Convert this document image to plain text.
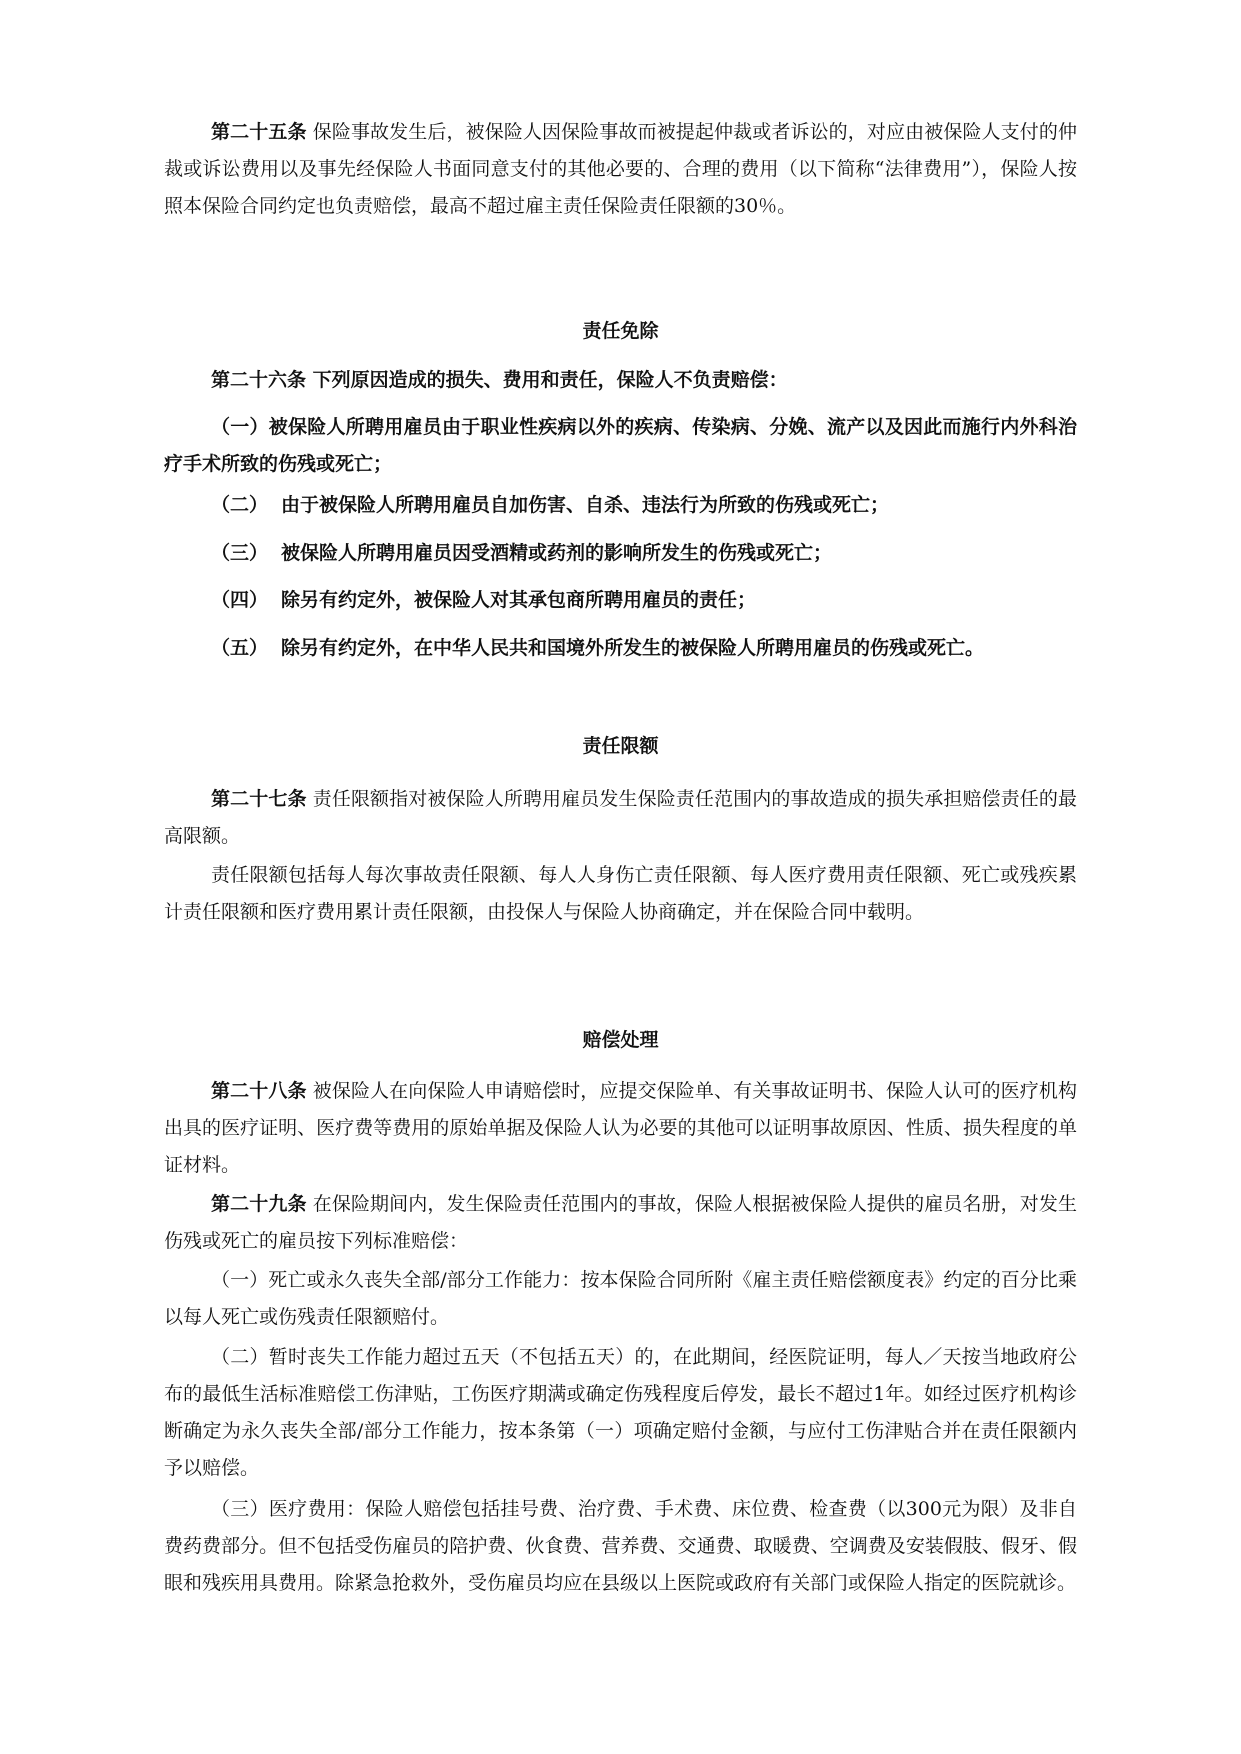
第二十五条 保险事故发生后，被保险人因保险事故而被提起仲裁或者诉讼的，对应由被保险人支付的仲裁或诉讼费用以及事先经保险人书面同意支付的其他必要的、合理的费用（以下简称“法律费用”），保险人按照本保险合同约定也负责赔偿，最高不超过雇主责任保险责任限额的30％。

责任免除

第二十六条 下列原因造成的损失、费用和责任，保险人不负责赔偿：

（一）被保险人所聘用雇员由于职业性疾病以外的疾病、传染病、分娩、流产以及因此而施行内外科治疗手术所致的伤残或死亡；

（二） 由于被保险人所聘用雇员自加伤害、自杀、违法行为所致的伤残或死亡；
（三） 被保险人所聘用雇员因受酒精或药剂的影响所发生的伤残或死亡；
（四） 除另有约定外，被保险人对其承包商所聘用雇员的责任；
（五） 除另有约定外，在中华人民共和国境外所发生的被保险人所聘用雇员的伤残或死亡。
责任限额

第二十七条 责任限额指对被保险人所聘用雇员发生保险责任范围内的事故造成的损失承担赔偿责任的最高限额。

责任限额包括每人每次事故责任限额、每人人身伤亡责任限额、每人医疗费用责任限额、死亡或残疾累计责任限额和医疗费用累计责任限额，由投保人与保险人协商确定，并在保险合同中载明。

赔偿处理

第二十八条 被保险人在向保险人申请赔偿时，应提交保险单、有关事故证明书、保险人认可的医疗机构出具的医疗证明、医疗费等费用的原始单据及保险人认为必要的其他可以证明事故原因、性质、损失程度的单证材料。

第二十九条 在保险期间内，发生保险责任范围内的事故，保险人根据被保险人提供的雇员名册，对发生伤残或死亡的雇员按下列标准赔偿：

（一）死亡或永久丧失全部/部分工作能力：按本保险合同所附《雇主责任赔偿额度表》约定的百分比乘以每人死亡或伤残责任限额赔付。

（二）暂时丧失工作能力超过五天（不包括五天）的，在此期间，经医院证明，每人／天按当地政府公布的最低生活标准赔偿工伤津贴，工伤医疗期满或确定伤残程度后停发，最长不超过1年。如经过医疗机构诊断确定为永久丧失全部/部分工作能力，按本条第（一）项确定赔付金额，与应付工伤津贴合并在责任限额内予以赔偿。

（三）医疗费用：保险人赔偿包括挂号费、治疗费、手术费、床位费、检查费（以300元为限）及非自费药费部分。但不包括受伤雇员的陪护费、伙食费、营养费、交通费、取暖费、空调费及安装假肢、假牙、假眼和残疾用具费用。除紧急抢救外，受伤雇员均应在县级以上医院或政府有关部门或保险人指定的医院就诊。
